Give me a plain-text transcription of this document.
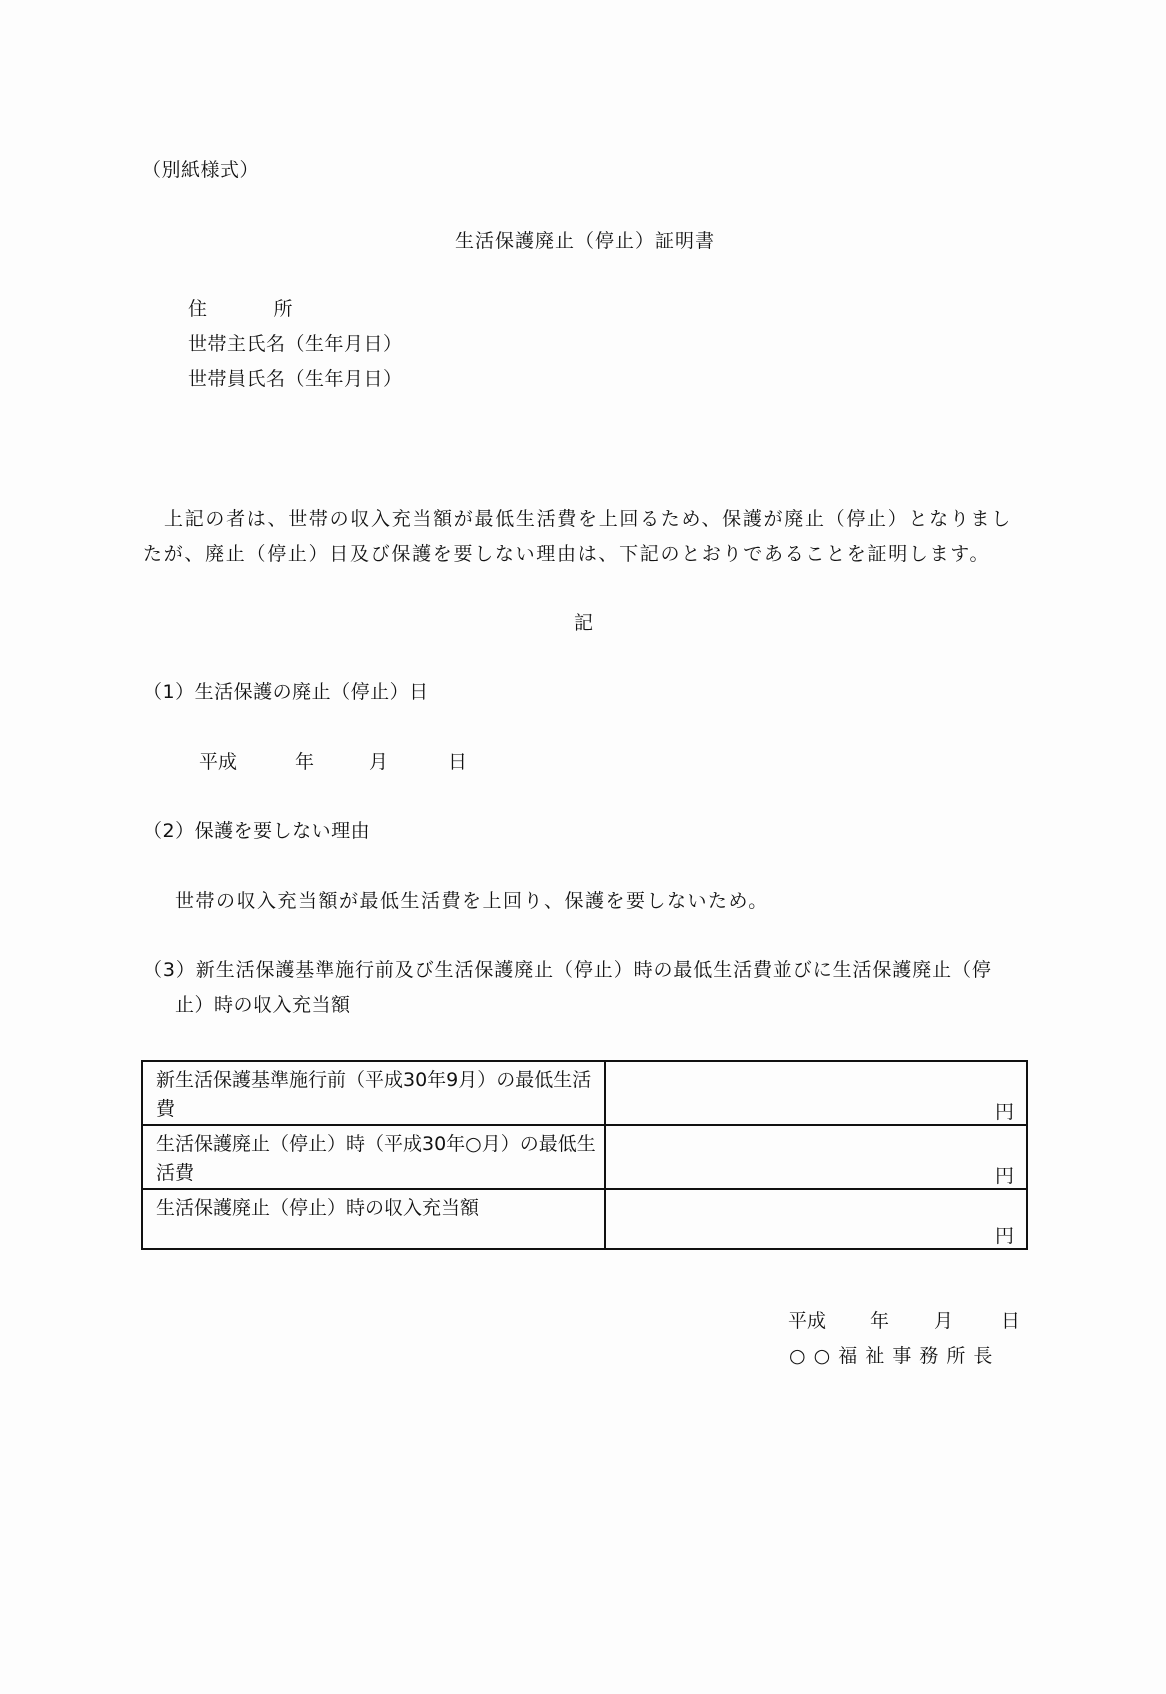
（別紙様式）
生活保護廃止（停止）証明書
住	所
世帯主氏名（生年月日）
世帯員氏名（生年月日）
上記の者は、世帯の収入充当額が最低生活費を上回るため、保護が廃止（停止）となりまし
たが、廃止（停止）日及び保護を要しない理由は、下記のとおりであることを証明します。
記
（1）生活保護の廃止（停止）日
平成	年	月	日
（2）保護を要しない理由
世帯の収入充当額が最低生活費を上回り、保護を要しないため。
（3）新生活保護基準施行前及び生活保護廃止（停止）時の最低生活費並びに生活保護廃止（停
止）時の収入充当額
新生活保護基準施行前（平成30年9月）の最低生活費	円

生活保護廃止（停止）時（平成30年○月）の最低生活費	円

生活保護廃止（停止）時の収入充当額	円
平成 年 月	日
○ ○ 福 祉 事 務 所 長
